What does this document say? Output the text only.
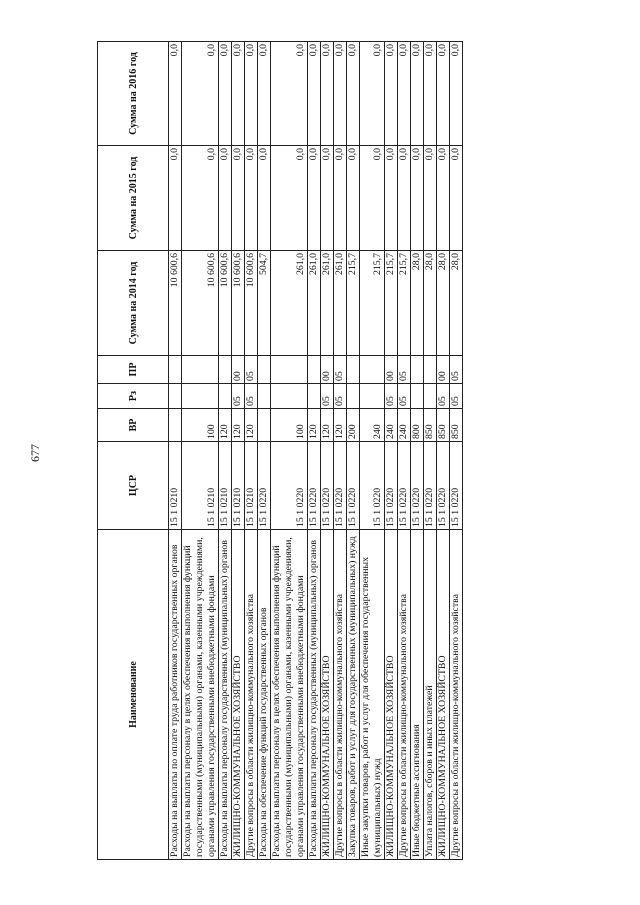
677
Наименование	ЦСР	ВР	Рз	ПР	Сумма на 2014 год	Сумма на 2015 год	Сумма на 2016 год
Расходы на выплаты по оплате труда работников государственных органов	15 1 0210				10 600,6	0,0	0,0
Расходы на выплаты персоналу в целях обеспечения выполнения функций государственными (муниципальными) органами, казенными учреждениями, органами управления государственными внебюджетными фондами	15 1 0210	100			10 600,6	0,0	0,0
Расходы на выплаты персоналу государственных (муниципальных) органов	15 1 0210	120			10 600,6	0,0	0,0
ЖИЛИЩНО-КОММУНАЛЬНОЕ ХОЗЯЙСТВО	15 1 0210	120	05	00	10 600,6	0,0	0,0
Другие вопросы в области жилищно-коммунального хозяйства	15 1 0210	120	05	05	10 600,6	0,0	0,0
Расходы на обеспечение функций государственных органов	15 1 0220				504,7	0,0	0,0
Расходы на выплаты персоналу в целях обеспечения выполнения функций государственными (муниципальными) органами, казенными учреждениями, органами управления государственными внебюджетными фондами	15 1 0220	100			261,0	0,0	0,0
Расходы на выплаты персоналу государственных (муниципальных) органов	15 1 0220	120			261,0	0,0	0,0
ЖИЛИЩНО-КОММУНАЛЬНОЕ ХОЗЯЙСТВО	15 1 0220	120	05	00	261,0	0,0	0,0
Другие вопросы в области жилищно-коммунального хозяйства	15 1 0220	120	05	05	261,0	0,0	0,0
Закупка товаров, работ и услуг для государственных (муниципальных) нужд	15 1 0220	200			215,7	0,0	0,0
Иные закупки товаров, работ и услуг для обеспечения государственных (муниципальных) нужд	15 1 0220	240			215,7	0,0	0,0
ЖИЛИЩНО-КОММУНАЛЬНОЕ ХОЗЯЙСТВО	15 1 0220	240	05	00	215,7	0,0	0,0
Другие вопросы в области жилищно-коммунального хозяйства	15 1 0220	240	05	05	215,7	0,0	0,0
Иные бюджетные ассигнования	15 1 0220	800			28,0	0,0	0,0
Уплата налогов, сборов и иных платежей	15 1 0220	850			28,0	0,0	0,0
ЖИЛИЩНО-КОММУНАЛЬНОЕ ХОЗЯЙСТВО	15 1 0220	850	05	00	28,0	0,0	0,0
Другие вопросы в области жилищно-коммунального хозяйства	15 1 0220	850	05	05	28,0	0,0	0,0
